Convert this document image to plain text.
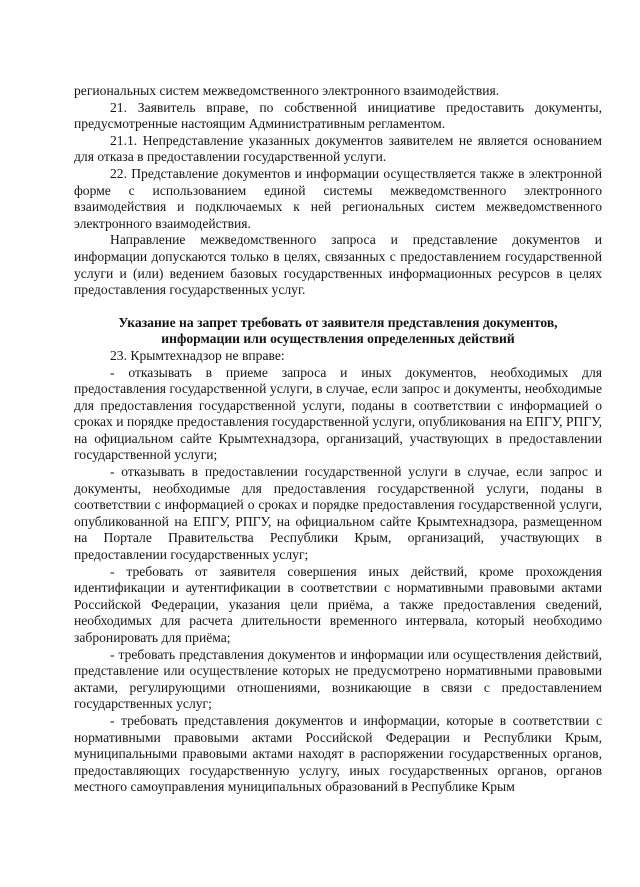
региональных систем межведомственного электронного взаимодействия.

21. Заявитель вправе, по собственной инициативе предоставить документы, предусмотренные настоящим Административным регламентом.

21.1. Непредставление указанных документов заявителем не является основанием для отказа в предоставлении государственной услуги.

22. Представление документов и информации осуществляется также в электронной форме с использованием единой системы межведомственного электронного взаимодействия и подключаемых к ней региональных систем межведомственного электронного взаимодействия.

Направление межведомственного запроса и представление документов и информации допускаются только в целях, связанных с предоставлением государственной услуги и (или) ведением базовых государственных информационных ресурсов в целях предоставления государственных услуг.

Указание на запрет требовать от заявителя представления документов, информации или осуществления определенных действий

23. Крымтехнадзор не вправе:

- отказывать в приеме запроса и иных документов, необходимых для предоставления государственной услуги, в случае, если запрос и документы, необходимые для предоставления государственной услуги, поданы в соответствии с информацией о сроках и порядке предоставления государственной услуги, опубликования на ЕПГУ, РПГУ, на официальном сайте Крымтехнадзора, организаций, участвующих в предоставлении государственной услуги;

- отказывать в предоставлении государственной услуги в случае, если запрос и документы, необходимые для предоставления государственной услуги, поданы в соответствии с информацией о сроках и порядке предоставления государственной услуги, опубликованной на ЕПГУ, РПГУ, на официальном сайте Крымтехнадзора, размещенном на Портале Правительства Республики Крым, организаций, участвующих в предоставлении государственных услуг;

- требовать от заявителя совершения иных действий, кроме прохождения идентификации и аутентификации в соответствии с нормативными правовыми актами Российской Федерации, указания цели приёма, а также предоставления сведений, необходимых для расчета длительности временного интервала, который необходимо забронировать для приёма;

- требовать представления документов и информации или осуществления действий, представление или осуществление которых не предусмотрено нормативными правовыми актами, регулирующими отношениями, возникающие в связи с предоставлением государственных услуг;

- требовать представления документов и информации, которые в соответствии с нормативными правовыми актами Российской Федерации и Республики Крым, муниципальными правовыми актами находят в распоряжении государственных органов, предоставляющих государственную услугу, иных государственных органов, органов местного самоуправления муниципальных образований в Республике Крым
